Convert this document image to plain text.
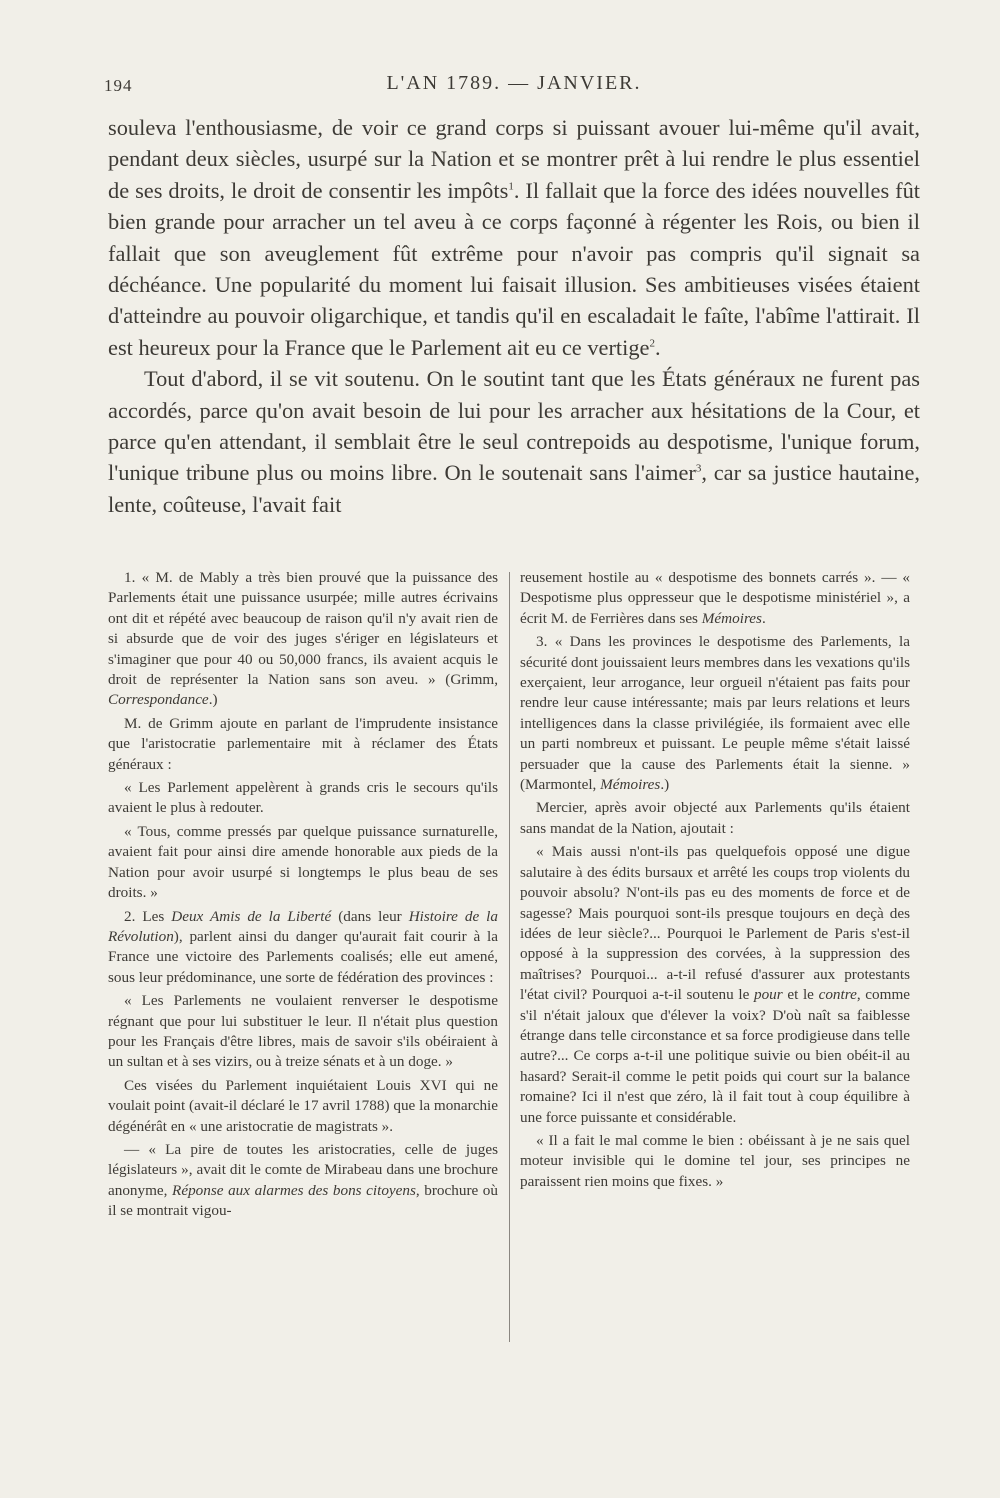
194	L'AN 1789. — JANVIER.

souleva l'enthousiasme, de voir ce grand corps si puissant avouer lui-même qu'il avait, pendant deux siècles, usurpé sur la Nation et se montrer prêt à lui rendre le plus essentiel de ses droits, le droit de consentir les impôts$^1$. Il fallait que la force des idées nouvelles fût bien grande pour arracher un tel aveu à ce corps façonné à régenter les Rois, ou bien il fallait que son aveuglement fût extrême pour n'avoir pas compris qu'il signait sa déchéance. Une popularité du moment lui faisait illusion. Ses ambitieuses visées étaient d'atteindre au pouvoir oligarchique, et tandis qu'il en escaladait le faîte, l'abîme l'attirait. Il est heureux pour la France que le Parlement ait eu ce vertige$^2$.

Tout d'abord, il se vit soutenu. On le soutint tant que les États généraux ne furent pas accordés, parce qu'on avait besoin de lui pour les arracher aux hésitations de la Cour, et parce qu'en attendant, il semblait être le seul contrepoids au despotisme, l'unique forum, l'unique tribune plus ou moins libre. On le soutenait sans l'aimer$^3$, car sa justice hautaine, lente, coûteuse, l'avait fait

1. « M. de Mably a très bien prouvé que la puissance des Parlements était une puissance usurpée; mille autres écrivains ont dit et répété avec beaucoup de raison qu'il n'y avait rien de si absurde que de voir des juges s'ériger en législateurs et s'imaginer que pour 40 ou 50,000 francs, ils avaient acquis le droit de représenter la Nation sans son aveu. » (Grimm, Correspondance.)

M. de Grimm ajoute en parlant de l'imprudente insistance que l'aristocratie parlementaire mit à réclamer des États généraux :

« Les Parlement appelèrent à grands cris le secours qu'ils avaient le plus à redouter.

« Tous, comme pressés par quelque puissance surnaturelle, avaient fait pour ainsi dire amende honorable aux pieds de la Nation pour avoir usurpé si longtemps le plus beau de ses droits. »

2. Les Deux Amis de la Liberté (dans leur Histoire de la Révolution), parlent ainsi du danger qu'aurait fait courir à la France une victoire des Parlements coalisés; elle eut amené, sous leur prédominance, une sorte de fédération des provinces :

« Les Parlements ne voulaient renverser le despotisme régnant que pour lui substituer le leur. Il n'était plus question pour les Français d'être libres, mais de savoir s'ils obéiraient à un sultan et à ses vizirs, ou à treize sénats et à un doge. »

Ces visées du Parlement inquiétaient Louis XVI qui ne voulait point (avait-il déclaré le 17 avril 1788) que la monarchie dégénérât en « une aristocratie de magistrats ».

— « La pire de toutes les aristocraties, celle de juges législateurs », avait dit le comte de Mirabeau dans une brochure anonyme, Réponse aux alarmes des bons citoyens, brochure où il se montrait vigou-

reusement hostile au « despotisme des bonnets carrés ». — « Despotisme plus oppresseur que le despotisme ministériel », a écrit M. de Ferrières dans ses Mémoires.

3. « Dans les provinces le despotisme des Parlements, la sécurité dont jouissaient leurs membres dans les vexations qu'ils exerçaient, leur arrogance, leur orgueil n'étaient pas faits pour rendre leur cause intéressante; mais par leurs relations et leurs intelligences dans la classe privilégiée, ils formaient avec elle un parti nombreux et puissant. Le peuple même s'était laissé persuader que la cause des Parlements était la sienne. » (Marmontel, Mémoires.)

Mercier, après avoir objecté aux Parlements qu'ils étaient sans mandat de la Nation, ajoutait :

« Mais aussi n'ont-ils pas quelquefois opposé une digue salutaire à des édits bursaux et arrêté les coups trop violents du pouvoir absolu? N'ont-ils pas eu des moments de force et de sagesse? Mais pourquoi sont-ils presque toujours en deçà des idées de leur siècle?... Pourquoi le Parlement de Paris s'est-il opposé à la suppression des corvées, à la suppression des maîtrises? Pourquoi... a-t-il refusé d'assurer aux protestants l'état civil? Pourquoi a-t-il soutenu le pour et le contre, comme s'il n'était jaloux que d'élever la voix? D'où naît sa faiblesse étrange dans telle circonstance et sa force prodigieuse dans telle autre?... Ce corps a-t-il une politique suivie ou bien obéit-il au hasard? Serait-il comme le petit poids qui court sur la balance romaine? Ici il n'est que zéro, là il fait tout à coup équilibre à une force puissante et considérable.

« Il a fait le mal comme le bien : obéissant à je ne sais quel moteur invisible qui le domine tel jour, ses principes ne paraissent rien moins que fixes. »
